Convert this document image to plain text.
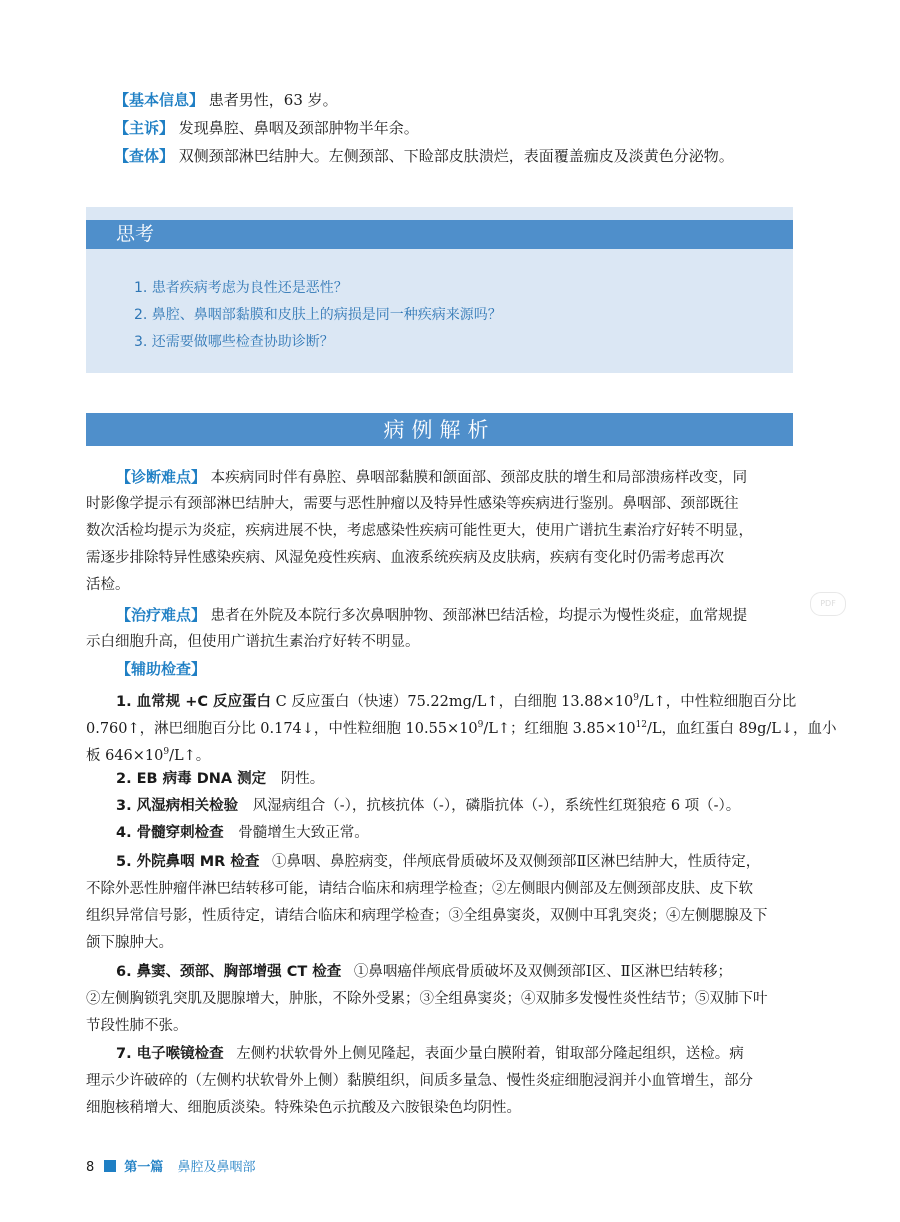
【基本信息】 患者男性，63 岁。
【主诉】 发现鼻腔、鼻咽及颈部肿物半年余。
【查体】 双侧颈部淋巴结肿大。左侧颈部、下睑部皮肤溃烂，表面覆盖痂皮及淡黄色分泌物。
思考
1. 患者疾病考虑为良性还是恶性？
2. 鼻腔、鼻咽部黏膜和皮肤上的病损是同一种疾病来源吗？
3. 还需要做哪些检查协助诊断？
病例解析
【诊断难点】 本疾病同时伴有鼻腔、鼻咽部黏膜和颌面部、颈部皮肤的增生和局部溃疡样改变，同
时影像学提示有颈部淋巴结肿大，需要与恶性肿瘤以及特异性感染等疾病进行鉴别。鼻咽部、颈部既往
数次活检均提示为炎症，疾病进展不快，考虑感染性疾病可能性更大，使用广谱抗生素治疗好转不明显，
需逐步排除特异性感染疾病、风湿免疫性疾病、血液系统疾病及皮肤病，疾病有变化时仍需考虑再次
活检。
【治疗难点】 患者在外院及本院行多次鼻咽肿物、颈部淋巴结活检，均提示为慢性炎症，血常规提
示白细胞升高，但使用广谱抗生素治疗好转不明显。
【辅助检查】
1. 血常规 +C 反应蛋白 C 反应蛋白（快速）75.22mg/L↑，白细胞 $13.88\times 10^9/L↑$，中性粒细胞百分比
0.760↑，淋巴细胞百分比 0.174↓，中性粒细胞 $10.55\times 10^9/L↑$；红细胞 $3.85\times 10^{12}/L$，血红蛋白 89g/L↓，血小
板 $646\times 10^9/L↑$。
2. EB 病毒 DNA 测定 阴性。
3. 风湿病相关检验 风湿病组合（-），抗核抗体（-），磷脂抗体（-），系统性红斑狼疮 6 项（-）。
4. 骨髓穿刺检查 骨髓增生大致正常。
5. 外院鼻咽 MR 检查 ①鼻咽、鼻腔病变，伴颅底骨质破坏及双侧颈部Ⅱ区淋巴结肿大，性质待定，
不除外恶性肿瘤伴淋巴结转移可能，请结合临床和病理学检查；②左侧眼内侧部及左侧颈部皮肤、皮下软
组织异常信号影，性质待定，请结合临床和病理学检查；③全组鼻窦炎，双侧中耳乳突炎；④左侧腮腺及下
颌下腺肿大。
6. 鼻窦、颈部、胸部增强 CT 检查 ①鼻咽癌伴颅底骨质破坏及双侧颈部Ⅰ区、Ⅱ区淋巴结转移；
②左侧胸锁乳突肌及腮腺增大，肿胀，不除外受累；③全组鼻窦炎；④双肺多发慢性炎性结节；⑤双肺下叶
节段性肺不张。
7. 电子喉镜检查 左侧杓状软骨外上侧见隆起，表面少量白膜附着，钳取部分隆起组织，送检。病
理示少许破碎的（左侧杓状软骨外上侧）黏膜组织，间质多量急、慢性炎症细胞浸润并小血管增生，部分
细胞核稍增大、细胞质淡染。特殊染色示抗酸及六胺银染色均阴性。
PDF
8 第一篇 鼻腔及鼻咽部
